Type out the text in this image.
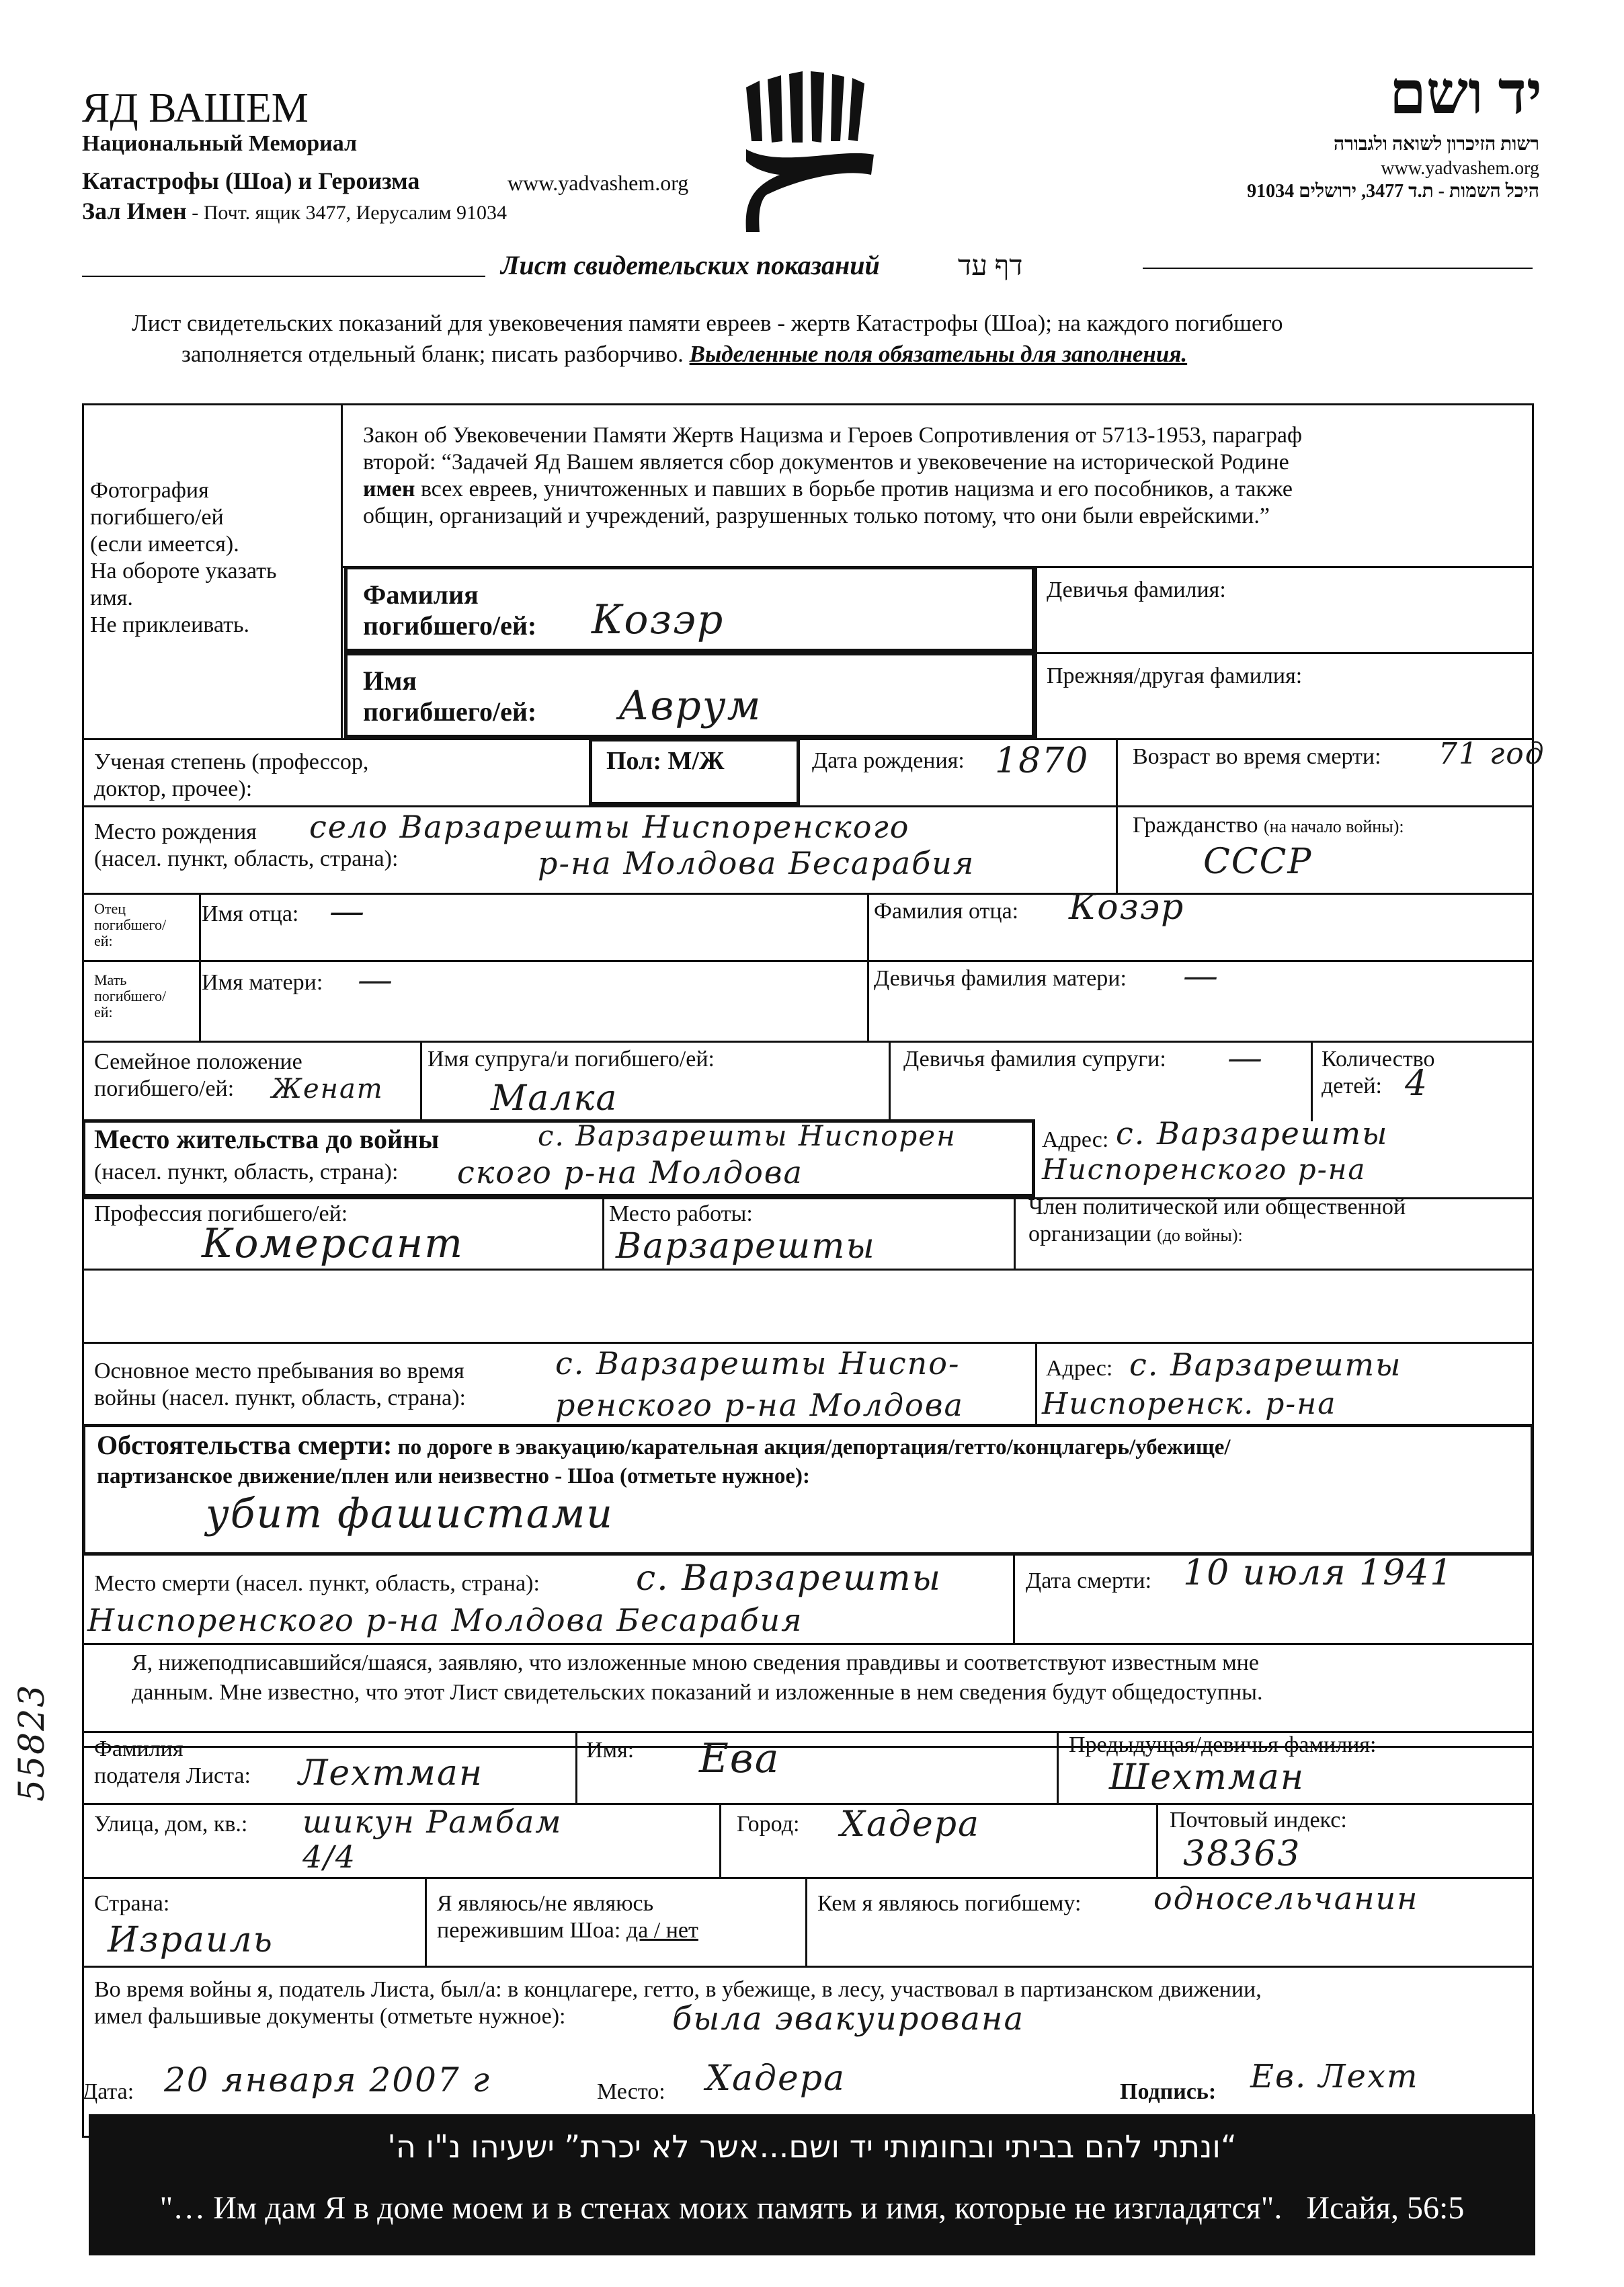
ЯД ВАШЕМ
Национальный Мемориал
Катастрофы (Шоа) и Героизма	www.yadvashem.org
Зал Имен - Почт. ящик 3477, Иерусалим 91034
יד ושם
רשות הזיכרון לשואה ולגבורה
www.yadvashem.org
היכל השמות - ת.ד 3477, ירושלים 91034
Лист свидетельских показаний	דף עד
Лист свидетельских показаний для увековечения памяти евреев - жертв Катастрофы (Шоа); на каждого погибшего
заполняется отдельный бланк; писать разборчиво. Выделенные поля обязательны для заполнения.
Фотография
погибшего/ей
(если имеется).
На обороте указать
имя.
Не приклеивать.
Закон об Увековечении Памяти Жертв Нацизма и Героев Сопротивления от 5713-1953, параграф
второй: “Задачей Яд Вашем является сбор документов и увековечение на исторической Родине
имен всех евреев, уничтоженных и павших в борьбе против нацизма и его пособников, а также
общин, организаций и учреждений, разрушенных только потому, что они были еврейскими.”
Фамилия
погибшего/ей: Козэр
Девичья фамилия:
Имя
погибшего/ей: Аврум
Прежняя/другая фамилия:
Ученая степень (профессор,
доктор, прочее):
Пол: М/Ж	Дата рождения: 1870 Возраст во время смерти: 71 год
Место рождения
(насел. пункт, область, страна):
село Варзарешты Ниспоренского
р-на Молдова Бесарабия
Гражданство (на начало войны):
СССР
Отец
погибшего/
ей:
Имя отца: —	Фамилия отца: Козэр
Мать
погибшего/
ей:
Имя матери: —	Девичья фамилия матери: —
Семейное положение
погибшего/ей:	Женат
Имя супруга/и погибшего/ей:
Малка
Девичья фамилия супруги: —	Количество
детей: 4
Место жительства до войны
(насел. пункт, область, страна):
с. Варзарешты Ниспорен
ского р-на Молдова
Адрес: с. Варзарешты
Ниспоренского р-на
Профессия погибшего/ей:
Комерсант
Место работы:
Варзарешты
Член политической или общественной
организации (до войны):
Основное место пребывания во время
войны (насел. пункт, область, страна):
с. Варзарешты Ниспо-
ренского р-на Молдова
Адрес: с. Варзарешты
Ниспоренск. р-на
Обстоятельства смерти: по дороге в эвакуацию/карательная акция/депортация/гетто/концлагерь/убежище/
партизанское движение/плен или неизвестно - Шоа (отметьте нужное):
убит фашистами
Место смерти (насел. пункт, область, страна):	с. Варзарешты
Ниспоренского р-на Молдова Бесарабия
Дата смерти: 10 июля 1941
Я, нижеподписавшийся/шаяся, заявляю, что изложенные мною сведения правдивы и соответствуют известным мне
данным. Мне известно, что этот Лист свидетельских показаний и изложенные в нем сведения будут общедоступны.
55823 Фамилия
подателя Листа: Лехтман
Имя: Ева	Предыдущая/девичья фамилия:
Шехтман
Улица, дом, кв.: шикун Рамбам
4/4
Город: Хадера	Почтовый индекс:
38363
Страна:
Израиль
Я являюсь/не являюсь
пережившим Шоа: да / нет
Кем я являюсь погибшему: односельчанин
Во время войны я, податель Листа, был/а: в концлагере, гетто, в убежище, в лесу, участвовал в партизанском движении,
имел фальшивые документы (отметьте нужное):	была эвакуирована
Дата: 20 января 2007 г	Место: Хадера	Подпись: Ев. Лехт
“ונתתי להם בביתי ובחומותי יד ושם...אשר לא יכרת” ישעיהו נ"ו ה'
"… Им дам Я в доме моем и в стенах моих память и имя, которые не изгладятся".   Исайя, 56:5
